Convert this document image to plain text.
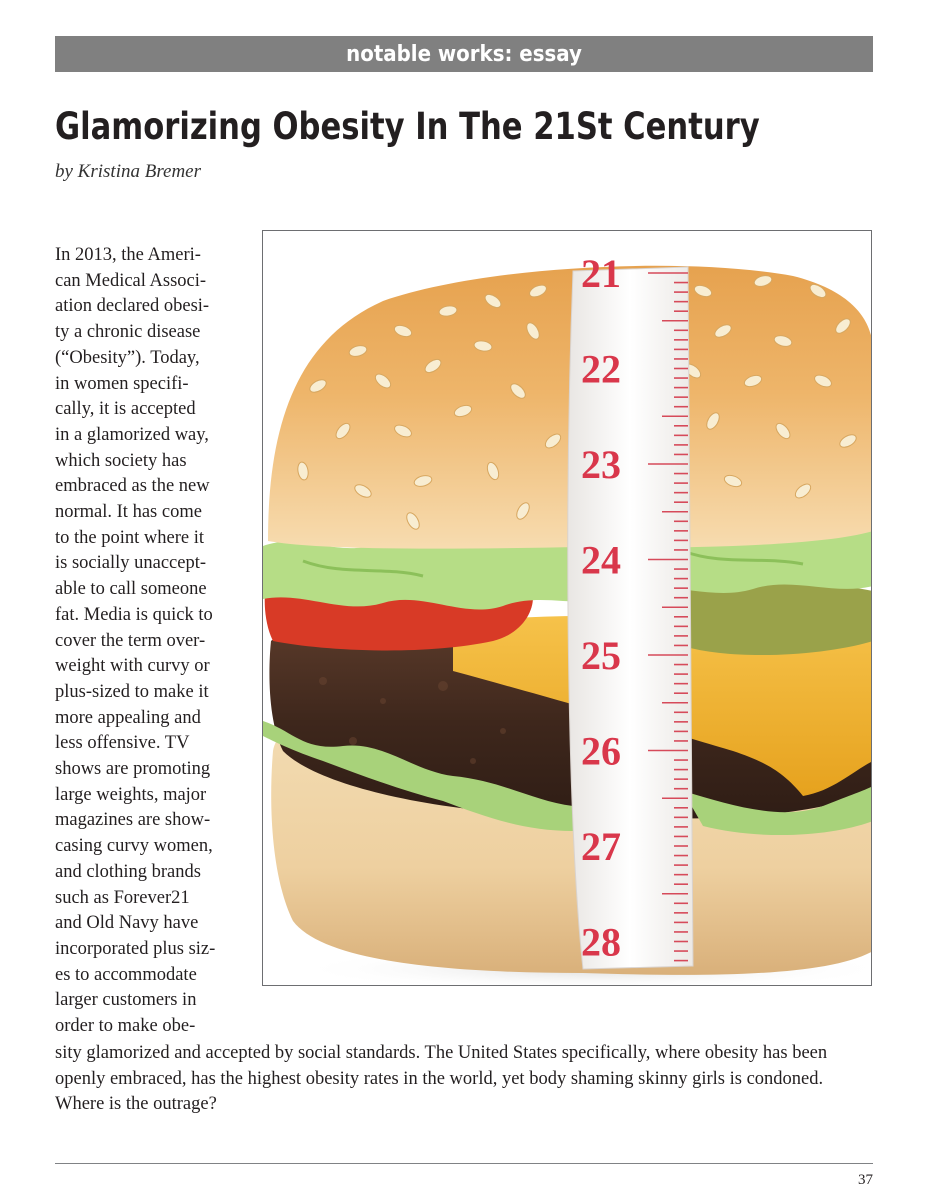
notable works: essay
Glamorizing Obesity In The 21St Century
by Kristina Bremer

In 2013, the Ameri-
can Medical Associ-
ation declared obesi-
ty a chronic disease
(“Obesity”). Today,
in women specifi-
cally, it is accepted
in a glamorized way,
which society has
embraced as the new
normal. It has come
to the point where it
is socially unaccept-
able to call someone
fat. Media is quick to
cover the term over-
weight with curvy or
plus-sized to make it
more appealing and
less offensive. TV
shows are promoting
large weights, major
magazines are show-
casing curvy women,
and clothing brands
such as Forever21
and Old Navy have
incorporated plus siz-
es to accommodate
larger customers in
order to make obe-

21
22
23
24
25
26
27
28

sity glamorized and accepted by social standards. The United States specifically, where obesity has been openly embraced, has the highest obesity rates in the world, yet body shaming skinny girls is condoned. Where is the outrage?

37
